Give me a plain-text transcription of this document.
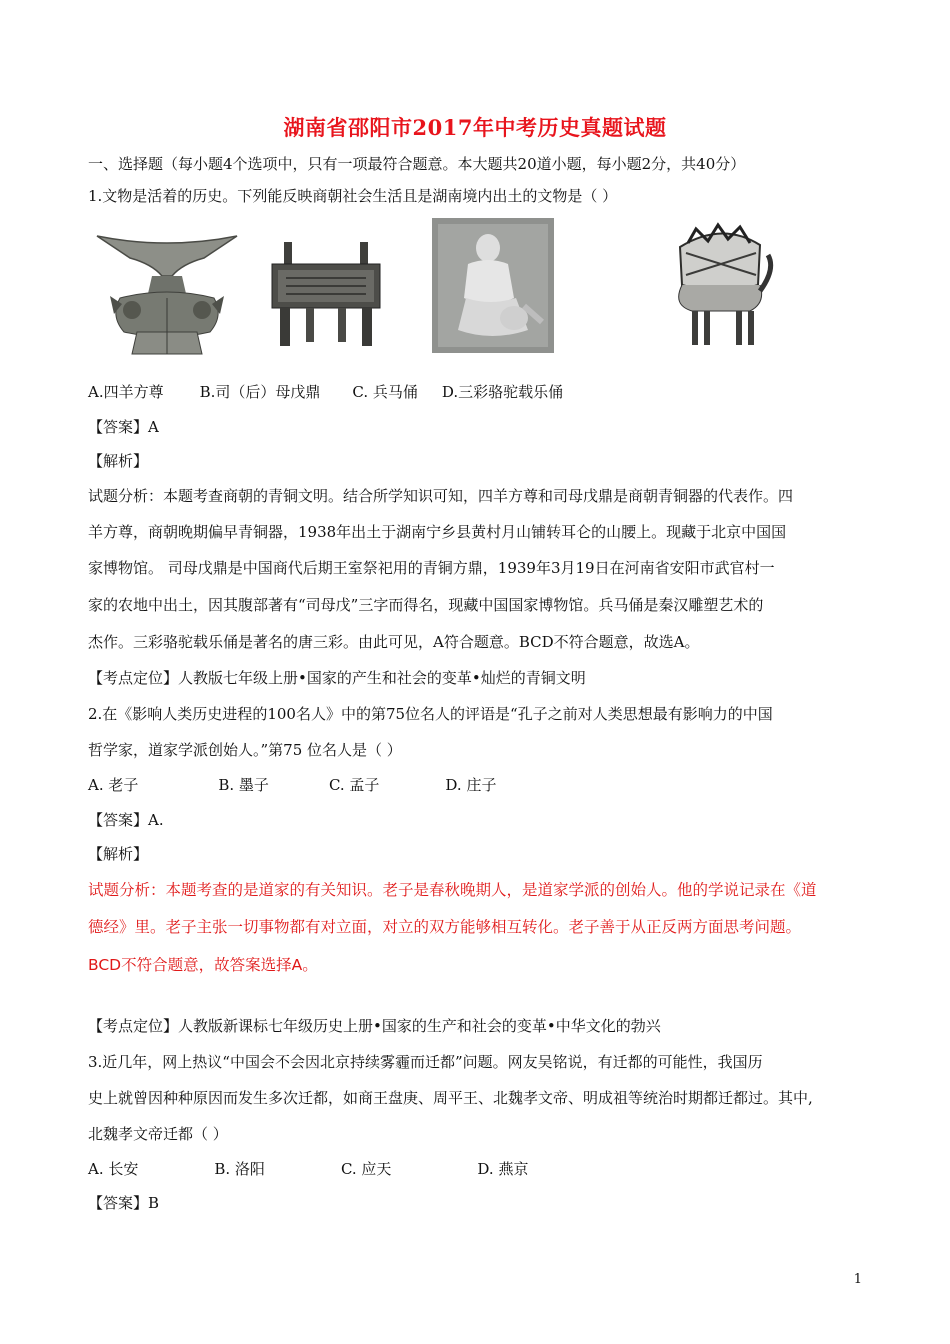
湖南省邵阳市2017年中考历史真题试题
一、选择题（每小题4个选项中，只有一项最符合题意。本大题共20道小题，每小题2分，共40分）
1.文物是活着的历史。下列能反映商朝社会生活且是湖南境内出土的文物是（ ）
A.四羊方尊 B.司（后）母戊鼎 C. 兵马俑 D.三彩骆驼载乐俑
【答案】A
【解析】
试题分析：本题考查商朝的青铜文明。结合所学知识可知，四羊方尊和司母戊鼎是商朝青铜器的代表作。四
羊方尊，商朝晚期偏早青铜器，1938年出土于湖南宁乡县黄村月山铺转耳仑的山腰上。现藏于北京中国国
家博物馆。 司母戊鼎是中国商代后期王室祭祀用的青铜方鼎，1939年3月19日在河南省安阳市武官村一
家的农地中出土，因其腹部著有“司母戊”三字而得名，现藏中国国家博物馆。兵马俑是秦汉雕塑艺术的
杰作。三彩骆驼载乐俑是著名的唐三彩。由此可见，A符合题意。BCD不符合题意，故选A。
【考点定位】人教版七年级上册•国家的产生和社会的变革•灿烂的青铜文明
2.在《影响人类历史进程的100名人》中的第75位名人的评语是“孔子之前对人类思想最有影响力的中国
哲学家，道家学派创始人。”第75 位名人是（ ）
A. 老子	B. 墨子	C. 孟子	D. 庄子
【答案】A.
【解析】
试题分析：本题考查的是道家的有关知识。老子是春秋晚期人，是道家学派的创始人。他的学说记录在《道
德经》里。老子主张一切事物都有对立面，对立的双方能够相互转化。老子善于从正反两方面思考问题。
BCD不符合题意，故答案选择A。
【考点定位】人教版新课标七年级历史上册•国家的生产和社会的变革•中华文化的勃兴
3.近几年，网上热议“中国会不会因北京持续雾霾而迁都”问题。网友吴铭说，有迁都的可能性，我国历
史上就曾因种种原因而发生多次迁都，如商王盘庚、周平王、北魏孝文帝、明成祖等统治时期都迁都过。其中,
北魏孝文帝迁都（ ）
A. 长安	B. 洛阳	C. 应天	D. 燕京
【答案】B
1
